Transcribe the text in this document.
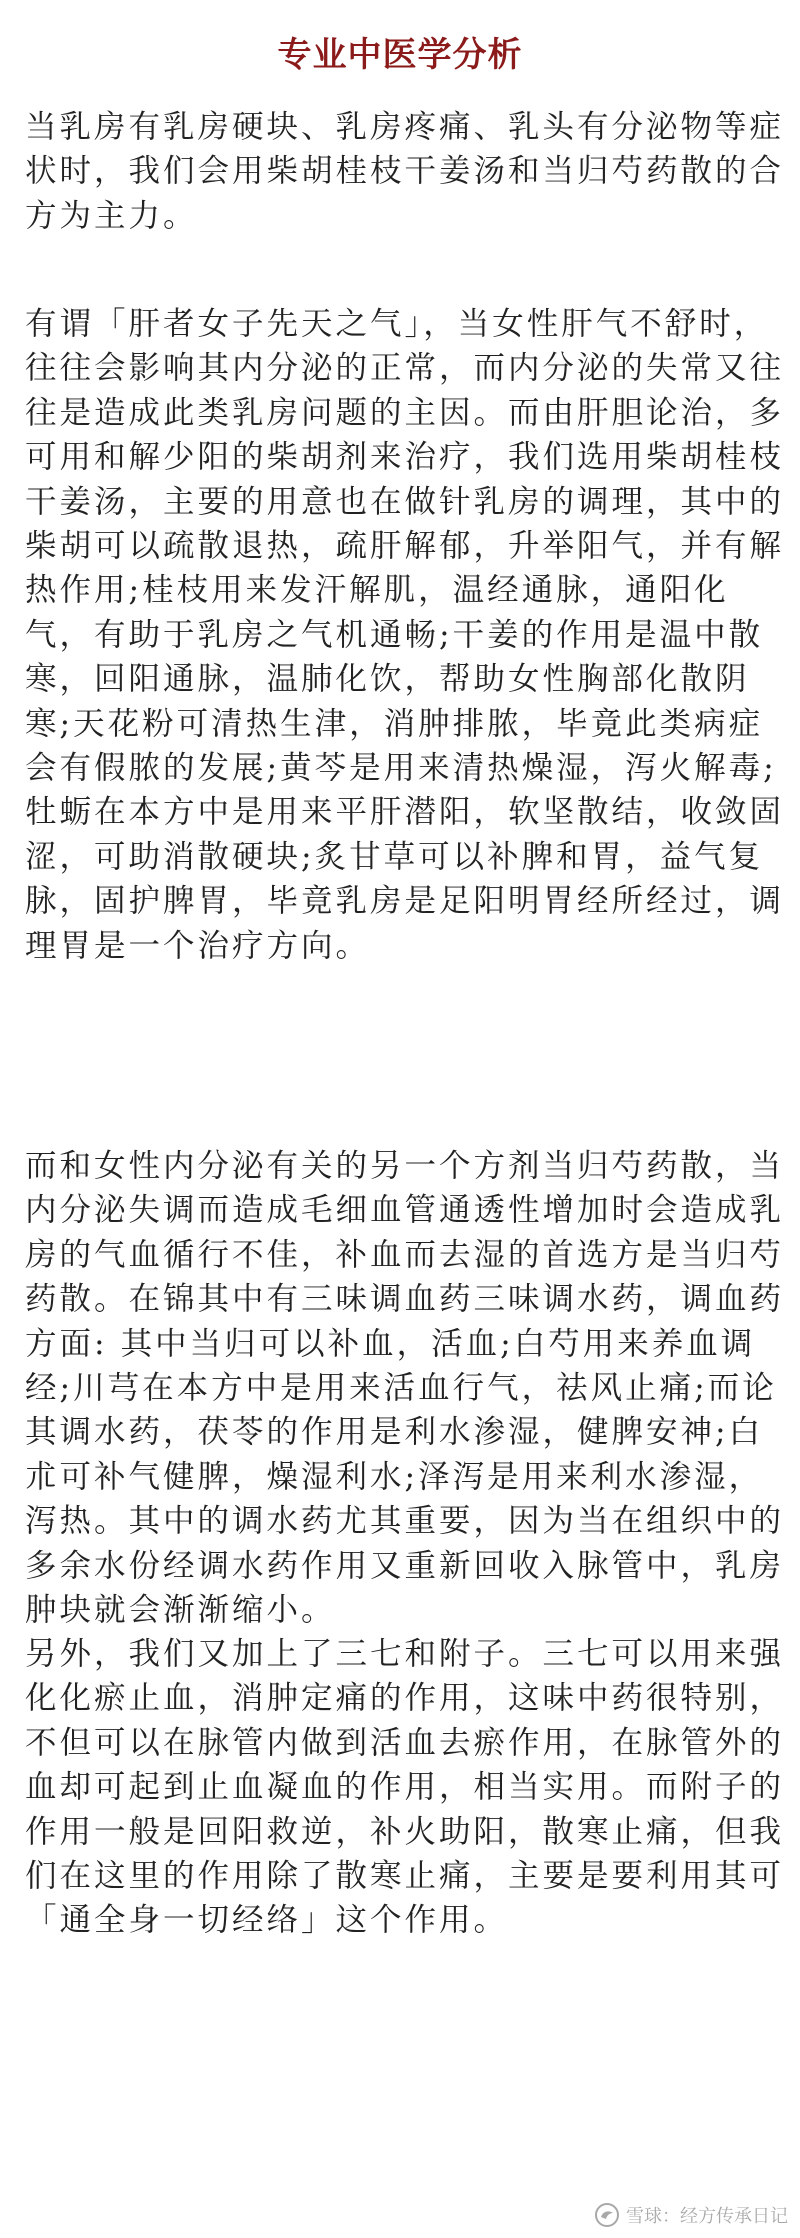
专业中医学分析

当乳房有乳房硬块、乳房疼痛、乳头有分泌物等症状时，我们会用柴胡桂枝干姜汤和当归芍药散的合方为主力。

有谓「肝者女子先天之气」，当女性肝气不舒时，往往会影响其内分泌的正常，而内分泌的失常又往往是造成此类乳房问题的主因。而由肝胆论治，多可用和解少阳的柴胡剂来治疗，我们选用柴胡桂枝干姜汤，主要的用意也在做针乳房的调理，其中的柴胡可以疏散退热，疏肝解郁，升举阳气，并有解热作用;桂枝用来发汗解肌，温经通脉，通阳化气，有助于乳房之气机通畅;干姜的作用是温中散寒，回阳通脉，温肺化饮，帮助女性胸部化散阴寒;天花粉可清热生津，消肿排脓，毕竟此类病症会有假脓的发展;黄芩是用来清热燥湿，泻火解毒;牡蛎在本方中是用来平肝潜阳，软坚散结，收敛固涩，可助消散硬块;炙甘草可以补脾和胃，益气复脉，固护脾胃，毕竟乳房是足阳明胃经所经过，调理胃是一个治疗方向。

而和女性内分泌有关的另一个方剂当归芍药散，当内分泌失调而造成毛细血管通透性增加时会造成乳房的气血循行不佳，补血而去湿的首选方是当归芍药散。在锦其中有三味调血药三味调水药，调血药方面: 其中当归可以补血，活血;白芍用来养血调经;川芎在本方中是用来活血行气，祛风止痛;而论其调水药，茯苓的作用是利水渗湿，健脾安神;白朮可补气健脾，燥湿利水;泽泻是用来利水渗湿，泻热。其中的调水药尤其重要，因为当在组织中的多余水份经调水药作用又重新回收入脉管中，乳房肿块就会渐渐缩小。

另外，我们又加上了三七和附子。三七可以用来强化化瘀止血，消肿定痛的作用，这味中药很特别，不但可以在脉管内做到活血去瘀作用，在脉管外的血却可起到止血凝血的作用，相当实用。而附子的作用一般是回阳救逆，补火助阳，散寒止痛，但我们在这里的作用除了散寒止痛，主要是要利用其可「通全身一切经络」这个作用。

雪球：经方传承日记
